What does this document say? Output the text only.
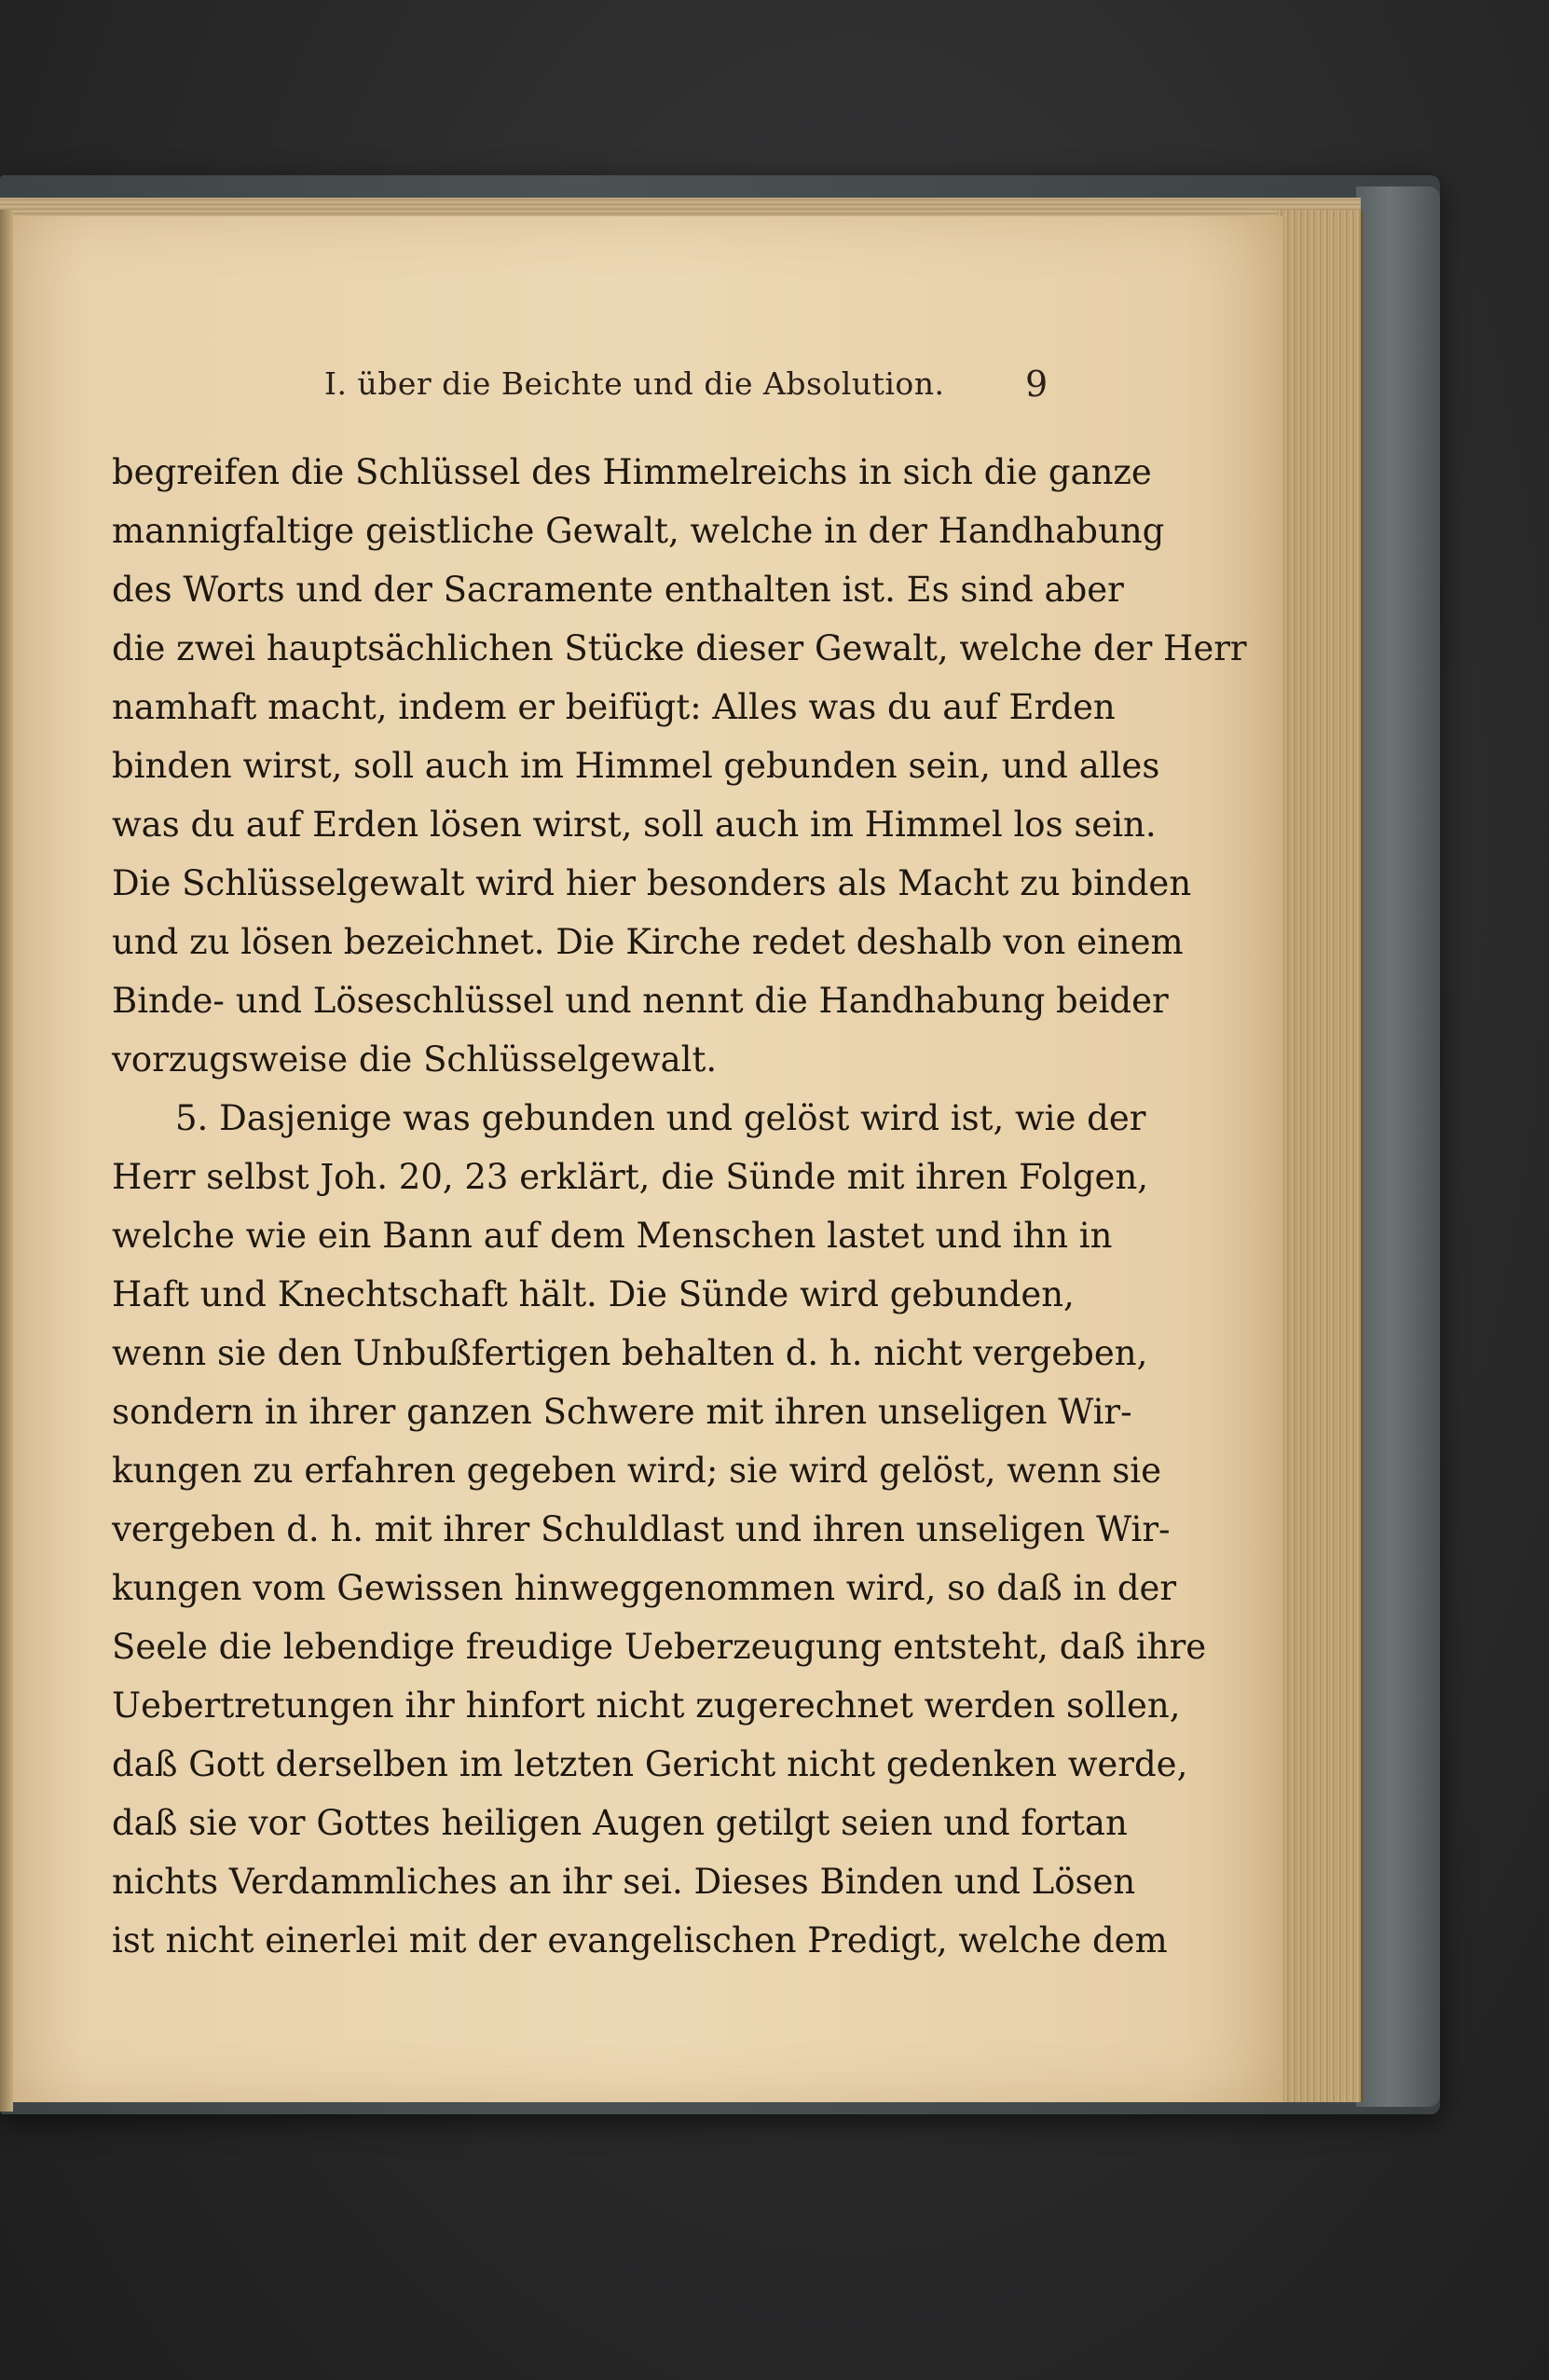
I. über die Beichte und die Absolution.	9
begreifen die Schlüssel des Himmelreichs in sich die ganze
mannigfaltige geistliche Gewalt, welche in der Handhabung
des Worts und der Sacramente enthalten ist. Es sind aber
die zwei hauptsächlichen Stücke dieser Gewalt, welche der Herr
namhaft macht, indem er beifügt: Alles was du auf Erden
binden wirst, soll auch im Himmel gebunden sein, und alles
was du auf Erden lösen wirst, soll auch im Himmel los sein.
Die Schlüsselgewalt wird hier besonders als Macht zu binden
und zu lösen bezeichnet. Die Kirche redet deshalb von einem
Binde- und Löseschlüssel und nennt die Handhabung beider
vorzugsweise die Schlüsselgewalt.
5. Dasjenige was gebunden und gelöst wird ist, wie der
Herr selbst Joh. 20, 23 erklärt, die Sünde mit ihren Folgen,
welche wie ein Bann auf dem Menschen lastet und ihn in
Haft und Knechtschaft hält. Die Sünde wird gebunden,
wenn sie den Unbußfertigen behalten d. h. nicht vergeben,
sondern in ihrer ganzen Schwere mit ihren unseligen Wir-
kungen zu erfahren gegeben wird; sie wird gelöst, wenn sie
vergeben d. h. mit ihrer Schuldlast und ihren unseligen Wir-
kungen vom Gewissen hinweggenommen wird, so daß in der
Seele die lebendige freudige Ueberzeugung entsteht, daß ihre
Uebertretungen ihr hinfort nicht zugerechnet werden sollen,
daß Gott derselben im letzten Gericht nicht gedenken werde,
daß sie vor Gottes heiligen Augen getilgt seien und fortan
nichts Verdammliches an ihr sei. Dieses Binden und Lösen
ist nicht einerlei mit der evangelischen Predigt, welche dem
